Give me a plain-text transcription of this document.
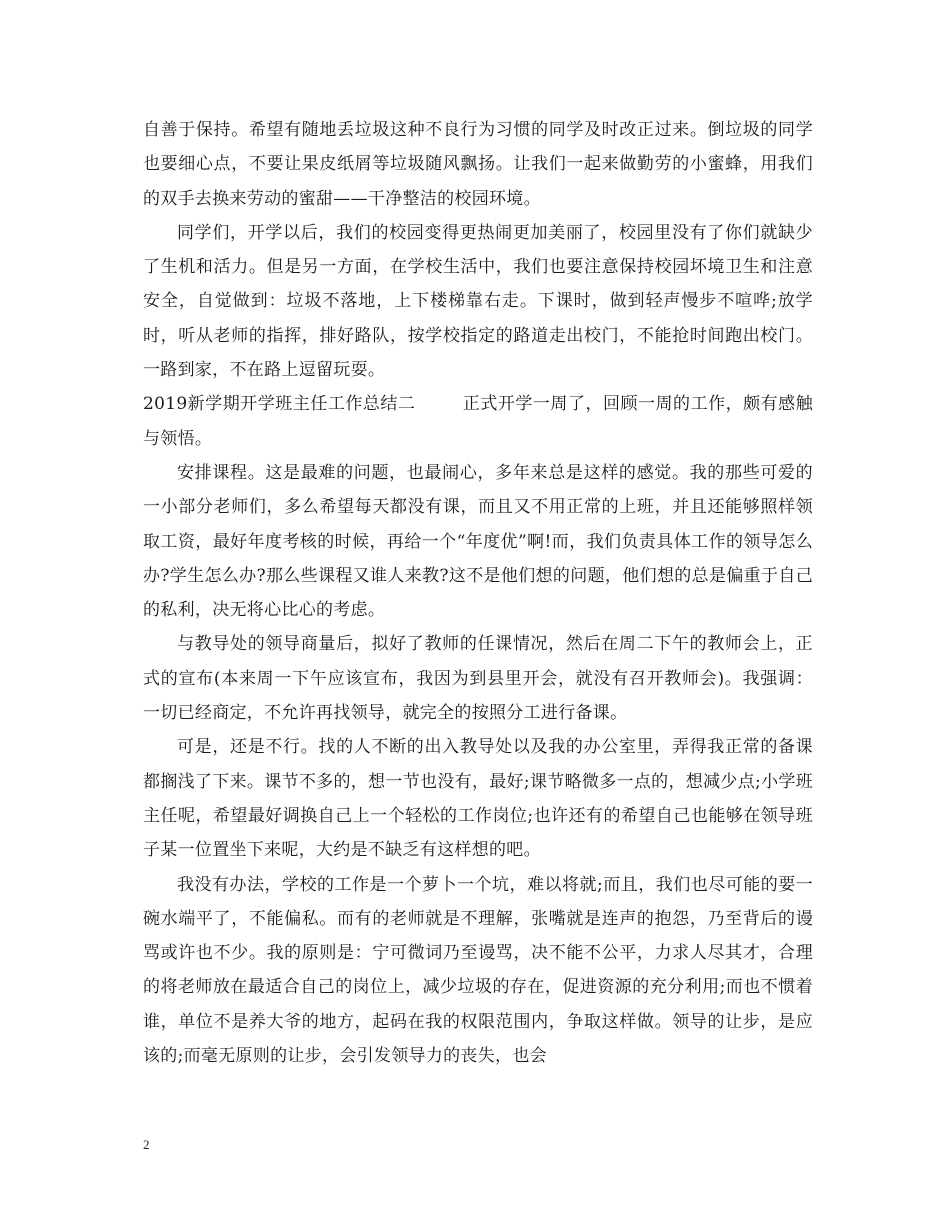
自善于保持。希望有随地丢垃圾这种不良行为习惯的同学及时改正过来。倒垃圾的同学也要细心点，不要让果皮纸屑等垃圾随风飘扬。让我们一起来做勤劳的小蜜蜂，用我们的双手去换来劳动的蜜甜——干净整洁的校园环境。

同学们，开学以后，我们的校园变得更热闹更加美丽了，校园里没有了你们就缺少了生机和活力。但是另一方面，在学校生活中，我们也要注意保持校园坏境卫生和注意安全，自觉做到：垃圾不落地，上下楼梯靠右走。下课时，做到轻声慢步不喧哗;放学时，听从老师的指挥，排好路队，按学校指定的路道走出校门，不能抢时间跑出校门。一路到家，不在路上逗留玩耍。

2019新学期开学班主任工作总结二        正式开学一周了，回顾一周的工作，颇有感触与领悟。

安排课程。这是最难的问题，也最闹心，多年来总是这样的感觉。我的那些可爱的一小部分老师们，多么希望每天都没有课，而且又不用正常的上班，并且还能够照样领取工资，最好年度考核的时候，再给一个“年度优”啊!而，我们负责具体工作的领导怎么办?学生怎么办?那么些课程又谁人来教?这不是他们想的问题，他们想的总是偏重于自己的私利，决无将心比心的考虑。

与教导处的领导商量后，拟好了教师的任课情况，然后在周二下午的教师会上，正式的宣布(本来周一下午应该宣布，我因为到县里开会，就没有召开教师会)。我强调：一切已经商定，不允许再找领导，就完全的按照分工进行备课。

可是，还是不行。找的人不断的出入教导处以及我的办公室里，弄得我正常的备课都搁浅了下来。课节不多的，想一节也没有，最好;课节略微多一点的，想减少点;小学班主任呢，希望最好调换自己上一个轻松的工作岗位;也许还有的希望自己也能够在领导班子某一位置坐下来呢，大约是不缺乏有这样想的吧。

我没有办法，学校的工作是一个萝卜一个坑，难以将就;而且，我们也尽可能的要一碗水端平了，不能偏私。而有的老师就是不理解，张嘴就是连声的抱怨，乃至背后的谩骂或许也不少。我的原则是：宁可微词乃至谩骂，决不能不公平，力求人尽其才，合理的将老师放在最适合自己的岗位上，减少垃圾的存在，促进资源的充分利用;而也不惯着谁，单位不是养大爷的地方，起码在我的权限范围内，争取这样做。领导的让步，是应该的;而毫无原则的让步，会引发领导力的丧失，也会

2
